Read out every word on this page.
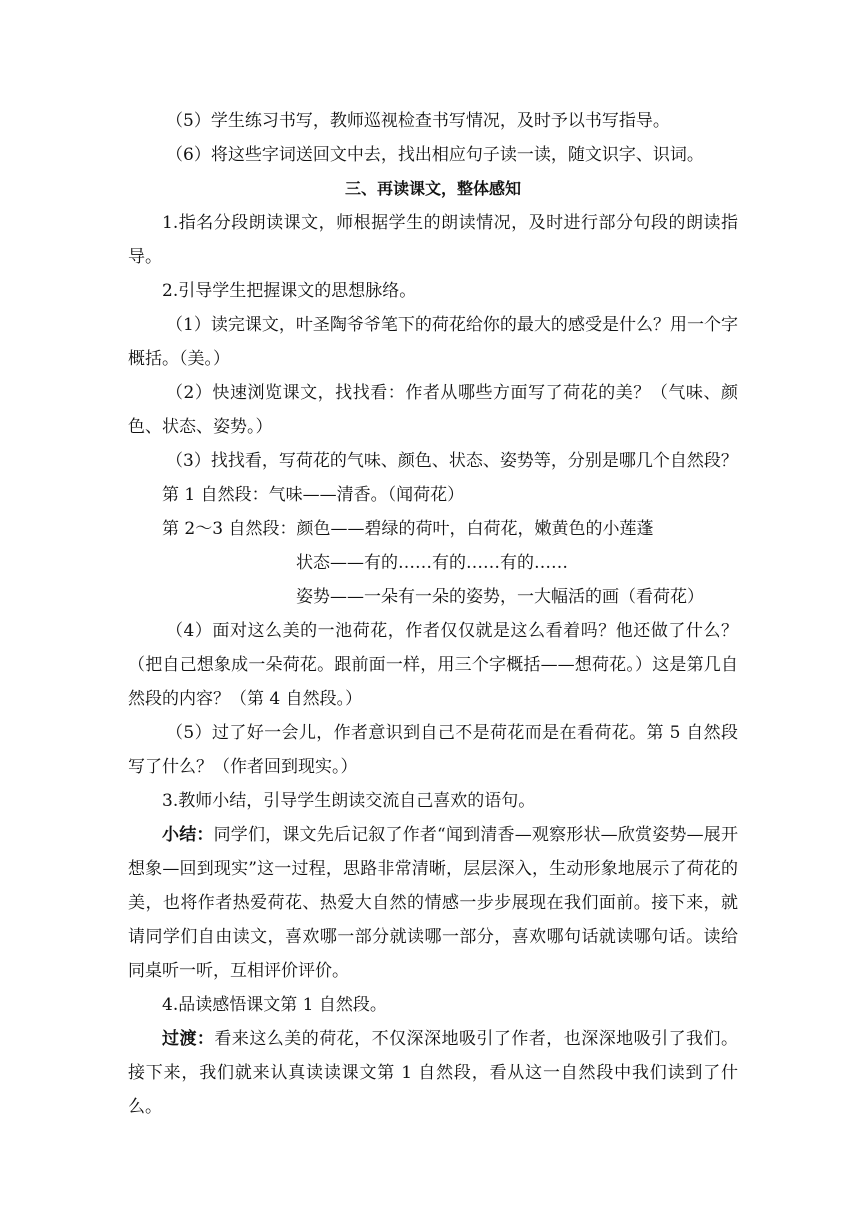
（5）学生练习书写，教师巡视检查书写情况，及时予以书写指导。
（6）将这些字词送回文中去，找出相应句子读一读，随文识字、识词。
三、再读课文，整体感知

1.指名分段朗读课文，师根据学生的朗读情况，及时进行部分句段的朗读指导。

2.引导学生把握课文的思想脉络。

（1）读完课文，叶圣陶爷爷笔下的荷花给你的最大的感受是什么？用一个字概括。（美。）

（2）快速浏览课文，找找看：作者从哪些方面写了荷花的美？（气味、颜色、状态、姿势。）

（3）找找看，写荷花的气味、颜色、状态、姿势等，分别是哪几个自然段？
第 1 自然段：气味——清香。（闻荷花）
第 2～3 自然段：颜色——碧绿的荷叶，白荷花，嫩黄色的小莲蓬
状态——有的……有的……有的……
姿势——一朵有一朵的姿势，一大幅活的画（看荷花）

（4）面对这么美的一池荷花，作者仅仅就是这么看着吗？他还做了什么？（把自己想象成一朵荷花。跟前面一样，用三个字概括——想荷花。）这是第几自然段的内容？（第 4 自然段。）

（5）过了好一会儿，作者意识到自己不是荷花而是在看荷花。第 5 自然段写了什么？（作者回到现实。）

3.教师小结，引导学生朗读交流自己喜欢的语句。

小结：同学们，课文先后记叙了作者“闻到清香—观察形状—欣赏姿势—展开想象—回到现实”这一过程，思路非常清晰，层层深入，生动形象地展示了荷花的美，也将作者热爱荷花、热爱大自然的情感一步步展现在我们面前。接下来，就请同学们自由读文，喜欢哪一部分就读哪一部分，喜欢哪句话就读哪句话。读给同桌听一听，互相评价评价。

4.品读感悟课文第 1 自然段。

过渡：看来这么美的荷花，不仅深深地吸引了作者，也深深地吸引了我们。接下来，我们就来认真读读课文第 1 自然段，看从这一自然段中我们读到了什么。
